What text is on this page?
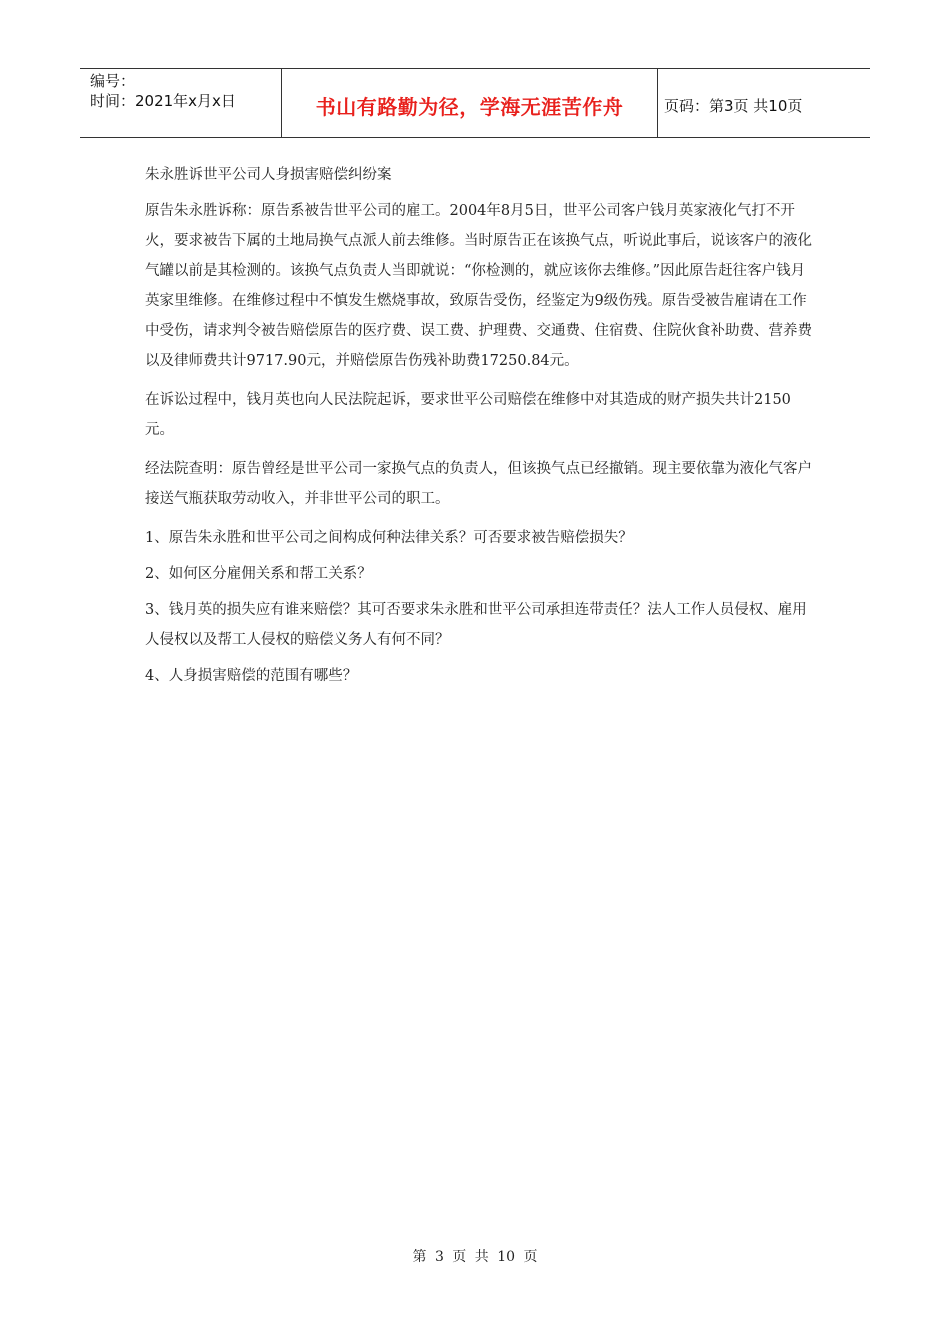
编号：
时间：2021年x月x日	书山有路勤为径，学海无涯苦作舟	页码：第3页 共10页

朱永胜诉世平公司人身损害赔偿纠纷案

原告朱永胜诉称：原告系被告世平公司的雇工。2004年8月5日，世平公司客户钱月英家液化气打不开火，要求被告下属的土地局换气点派人前去维修。当时原告正在该换气点，听说此事后，说该客户的液化气罐以前是其检测的。该换气点负责人当即就说：“你检测的，就应该你去维修。”因此原告赶往客户钱月英家里维修。在维修过程中不慎发生燃烧事故，致原告受伤，经鉴定为9级伤残。原告受被告雇请在工作中受伤，请求判令被告赔偿原告的医疗费、误工费、护理费、交通费、住宿费、住院伙食补助费、营养费以及律师费共计9717.90元，并赔偿原告伤残补助费17250.84元。

在诉讼过程中，钱月英也向人民法院起诉，要求世平公司赔偿在维修中对其造成的财产损失共计2150元。

经法院查明：原告曾经是世平公司一家换气点的负责人，但该换气点已经撤销。现主要依靠为液化气客户接送气瓶获取劳动收入，并非世平公司的职工。

1、原告朱永胜和世平公司之间构成何种法律关系？可否要求被告赔偿损失？

2、如何区分雇佣关系和帮工关系？

3、钱月英的损失应有谁来赔偿？其可否要求朱永胜和世平公司承担连带责任？法人工作人员侵权、雇用人侵权以及帮工人侵权的赔偿义务人有何不同？

4、人身损害赔偿的范围有哪些？

第 3 页 共 10 页
